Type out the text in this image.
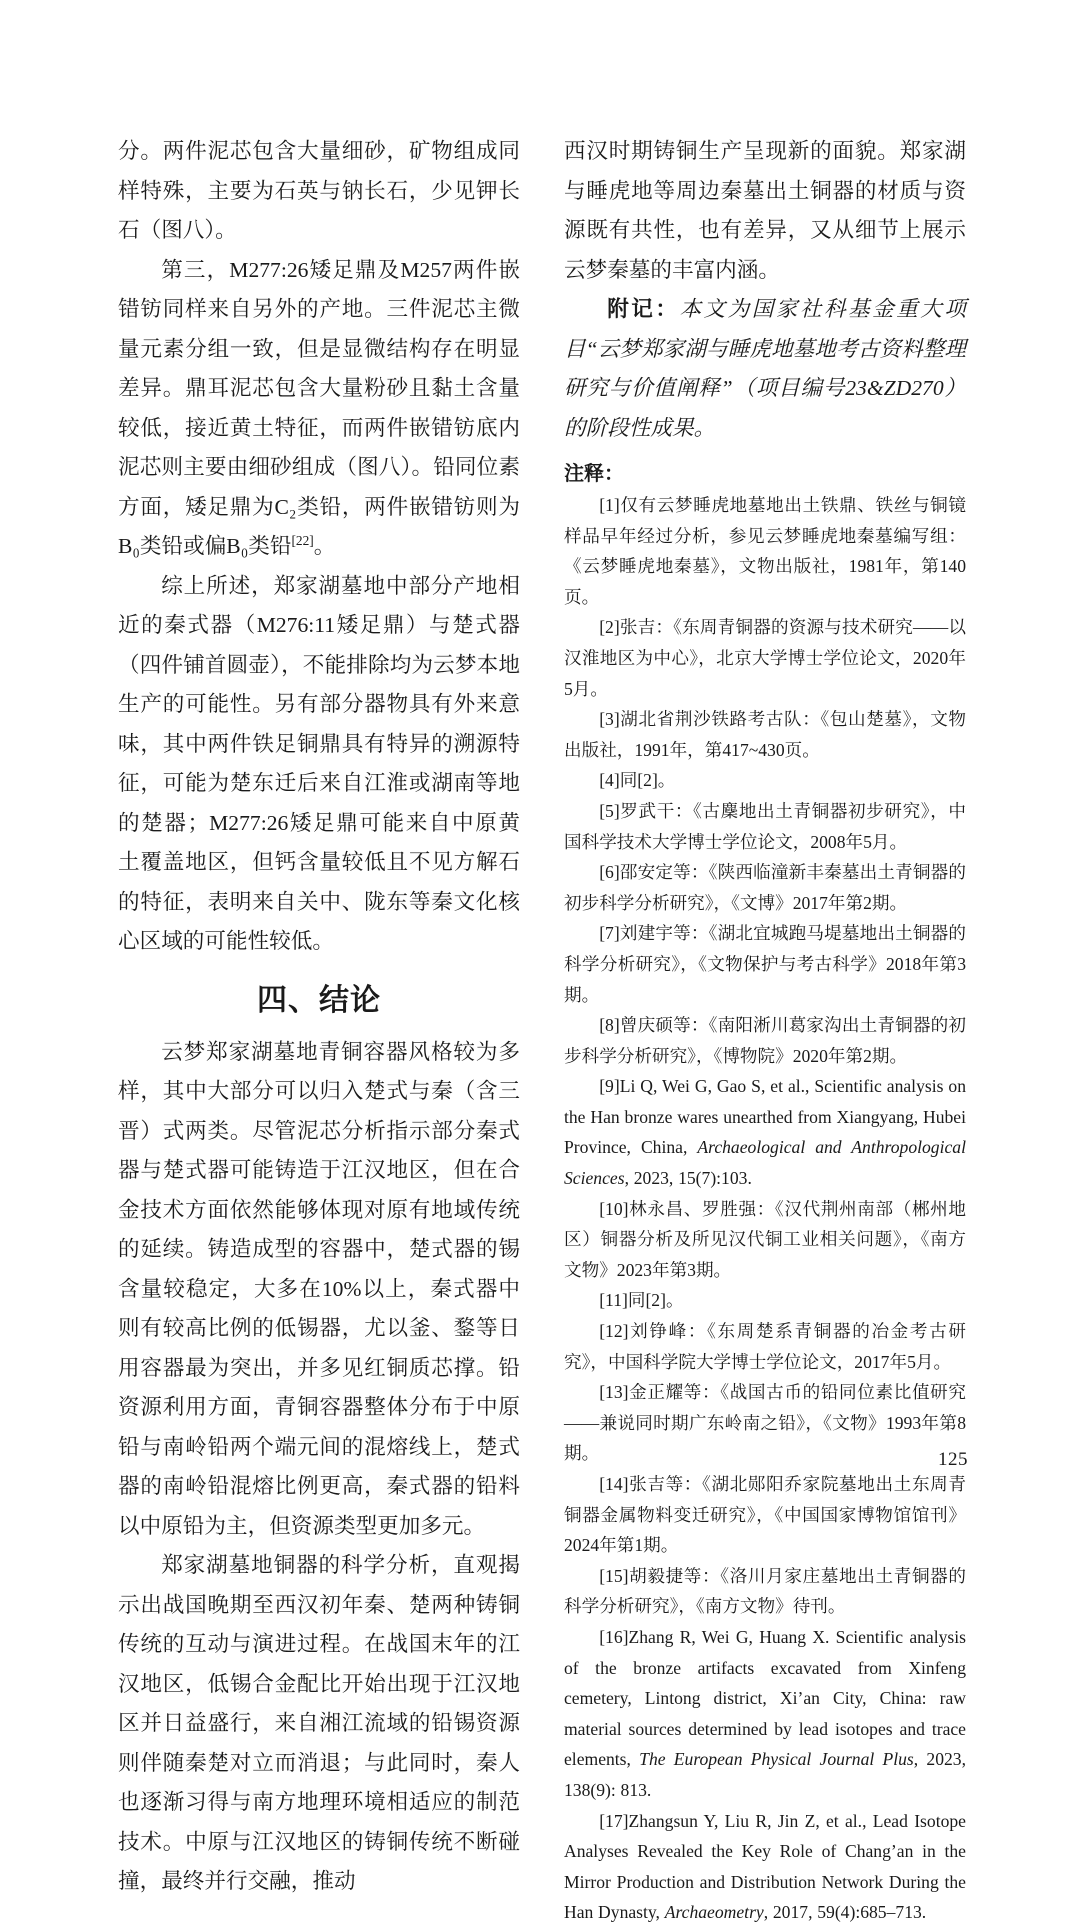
分。两件泥芯包含大量细砂，矿物组成同样特殊，主要为石英与钠长石，少见钾长石（图八）。

第三，M277:26矮足鼎及M257两件嵌错钫同样来自另外的产地。三件泥芯主微量元素分组一致，但是显微结构存在明显差异。鼎耳泥芯包含大量粉砂且黏土含量较低，接近黄土特征，而两件嵌错钫底内泥芯则主要由细砂组成（图八）。铅同位素方面，矮足鼎为C₂类铅，两件嵌错钫则为B₀类铅或偏B₀类铅[22]。

综上所述，郑家湖墓地中部分产地相近的秦式器（M276:11矮足鼎）与楚式器（四件铺首圆壶），不能排除均为云梦本地生产的可能性。另有部分器物具有外来意味，其中两件铁足铜鼎具有特异的溯源特征，可能为楚东迁后来自江淮或湖南等地的楚器；M277:26矮足鼎可能来自中原黄土覆盖地区，但钙含量较低且不见方解石的特征，表明来自关中、陇东等秦文化核心区域的可能性较低。

四、结论

云梦郑家湖墓地青铜容器风格较为多样，其中大部分可以归入楚式与秦（含三晋）式两类。尽管泥芯分析指示部分秦式器与楚式器可能铸造于江汉地区，但在合金技术方面依然能够体现对原有地域传统的延续。铸造成型的容器中，楚式器的锡含量较稳定，大多在10%以上，秦式器中则有较高比例的低锡器，尤以釜、鍪等日用容器最为突出，并多见红铜质芯撑。铅资源利用方面，青铜容器整体分布于中原铅与南岭铅两个端元间的混熔线上，楚式器的南岭铅混熔比例更高，秦式器的铅料以中原铅为主，但资源类型更加多元。

郑家湖墓地铜器的科学分析，直观揭示出战国晚期至西汉初年秦、楚两种铸铜传统的互动与演进过程。在战国末年的江汉地区，低锡合金配比开始出现于江汉地区并日益盛行，来自湘江流域的铅锡资源则伴随秦楚对立而消退；与此同时，秦人也逐渐习得与南方地理环境相适应的制范技术。中原与江汉地区的铸铜传统不断碰撞，最终并行交融，推动

西汉时期铸铜生产呈现新的面貌。郑家湖与睡虎地等周边秦墓出土铜器的材质与资源既有共性，也有差异，又从细节上展示云梦秦墓的丰富内涵。

附记：本文为国家社科基金重大项目“云梦郑家湖与睡虎地墓地考古资料整理研究与价值阐释”（项目编号23&ZD270）的阶段性成果。

注释：

[1]仅有云梦睡虎地墓地出土铁鼎、铁丝与铜镜样品早年经过分析，参见云梦睡虎地秦墓编写组：《云梦睡虎地秦墓》，文物出版社，1981年，第140页。

[2]张吉：《东周青铜器的资源与技术研究——以汉淮地区为中心》，北京大学博士学位论文，2020年5月。

[3]湖北省荆沙铁路考古队：《包山楚墓》，文物出版社，1991年，第417~430页。

[4]同[2]。

[5]罗武干：《古麇地出土青铜器初步研究》，中国科学技术大学博士学位论文，2008年5月。

[6]邵安定等：《陕西临潼新丰秦墓出土青铜器的初步科学分析研究》，《文博》2017年第2期。

[7]刘建宇等：《湖北宜城跑马堤墓地出土铜器的科学分析研究》，《文物保护与考古科学》2018年第3期。

[8]曾庆硕等：《南阳淅川葛家沟出土青铜器的初步科学分析研究》，《博物院》2020年第2期。

[9]Li Q, Wei G, Gao S, et al., Scientific analysis on the Han bronze wares unearthed from Xiangyang, Hubei Province, China, Archaeological and Anthropological Sciences, 2023, 15(7):103.

[10]林永昌、罗胜强：《汉代荆州南部（郴州地区）铜器分析及所见汉代铜工业相关问题》，《南方文物》2023年第3期。

[11]同[2]。

[12]刘铮峰：《东周楚系青铜器的冶金考古研究》，中国科学院大学博士学位论文，2017年5月。

[13]金正耀等：《战国古币的铅同位素比值研究——兼说同时期广东岭南之铅》，《文物》1993年第8期。

[14]张吉等：《湖北郧阳乔家院墓地出土东周青铜器金属物料变迁研究》，《中国国家博物馆馆刊》2024年第1期。

[15]胡毅捷等：《洛川月家庄墓地出土青铜器的科学分析研究》，《南方文物》待刊。

[16]Zhang R, Wei G, Huang X. Scientific analysis of the bronze artifacts excavated from Xinfeng cemetery, Lintong district, Xi’an City, China: raw material sources determined by lead isotopes and trace elements, The European Physical Journal Plus, 2023, 138(9): 813.

[17]Zhangsun Y, Liu R, Jin Z, et al., Lead Isotope Analyses Revealed the Key Role of Chang’an in the Mirror Production and Distribution Network During the Han Dynasty, Archaeometry, 2017, 59(4):685–713.

125
